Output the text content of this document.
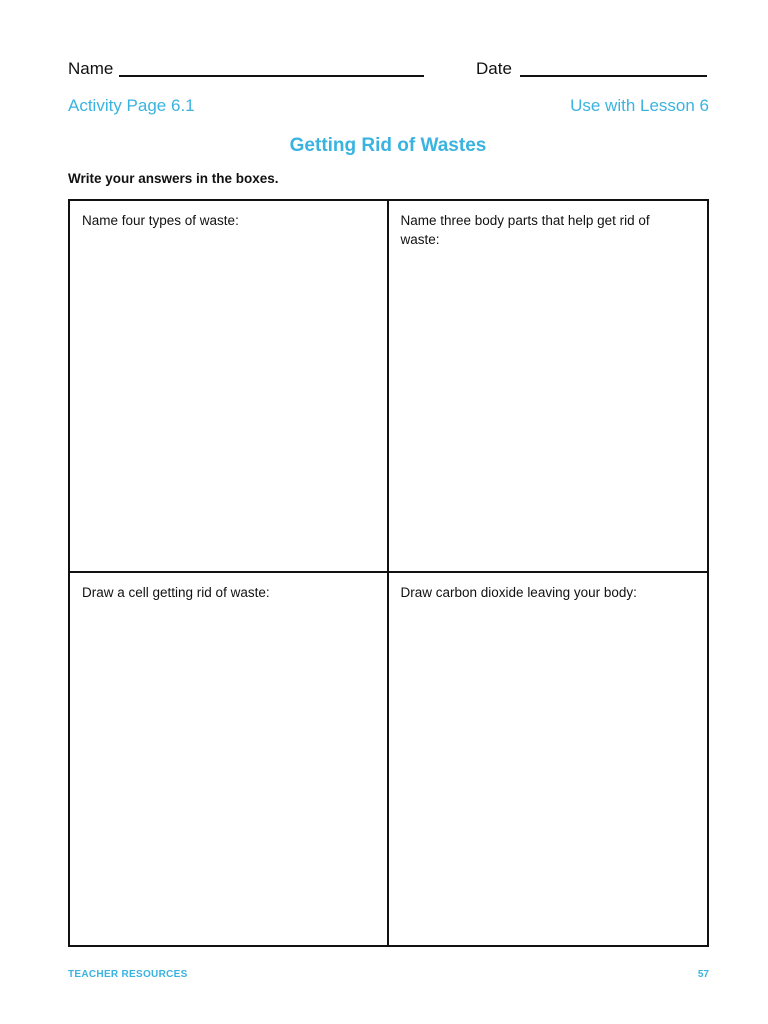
Name	Date
Activity Page 6.1	Use with Lesson 6
Getting Rid of Wastes
Write your answers in the boxes.
Name four types of waste:	Name three body parts that help get rid of waste:
Draw a cell getting rid of waste:	Draw carbon dioxide leaving your body:
TEACHER RESOURCES	57
